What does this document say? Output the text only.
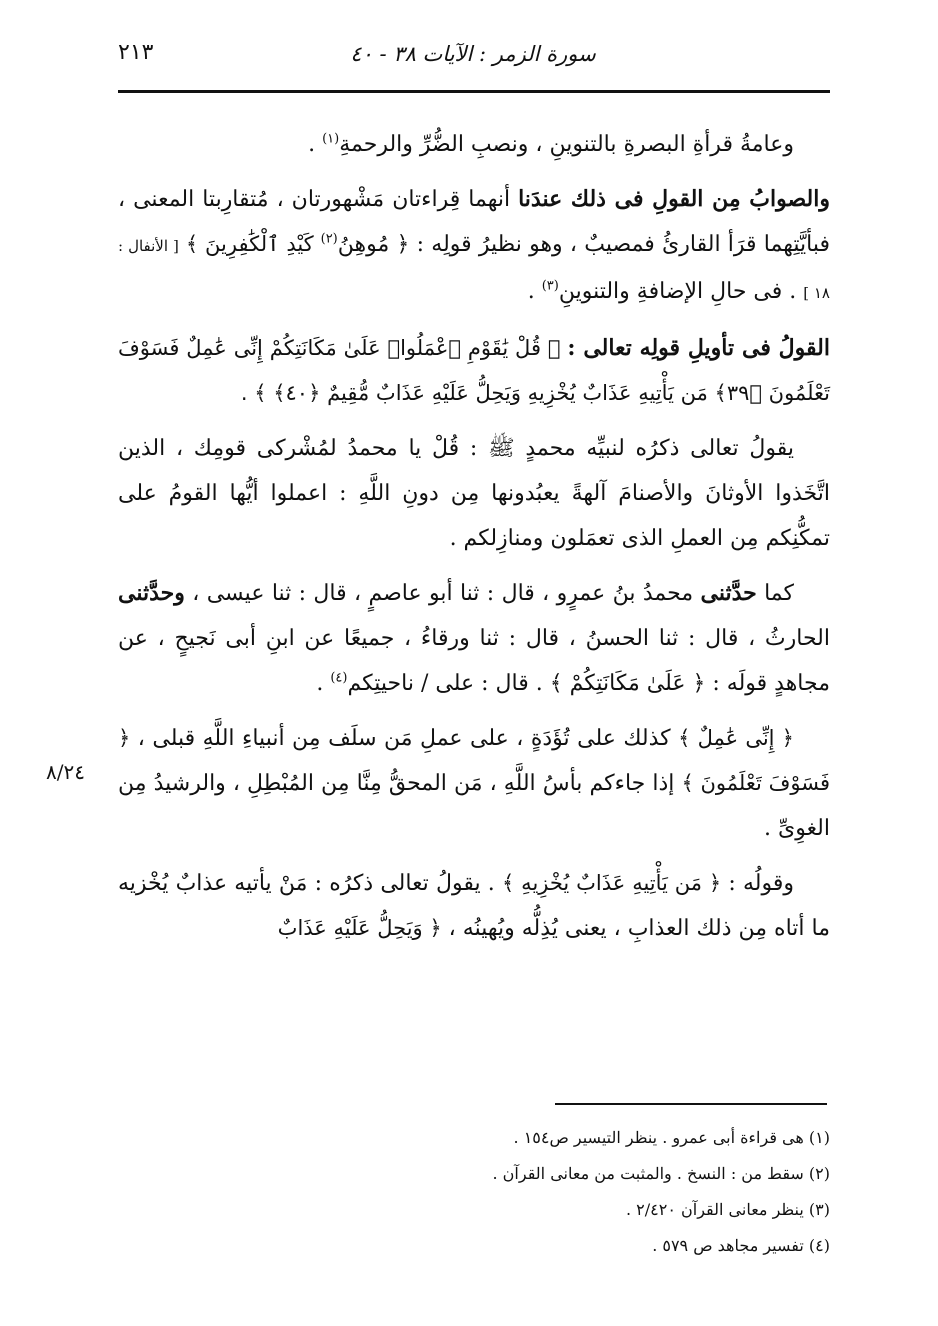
٢١٣	سورة الزمر : الآيات ٣٨ - ٤٠
٨/٢٤

وعامةُ قرأةِ البصرةِ بالتنوينِ ، ونصبِ الضُّرِّ والرحمةِ$^{(١)}$ .

والصوابُ مِن القولِ فى ذلك عندَنا أنهما قِراءتان مَشْهورتان ، مُتقارِبتا المعنى ، فبأيَّتِهما قرَأ القارئُ فمصيبٌ ، وهو نظيرُ قولِه : ﴿ مُوهِنُ$^{(٢)}$ كَيْدِ ٱلْكَٰفِرِينَ ﴾ [ الأنفال : ١٨ ] . فى حالِ الإضافةِ والتنوينِ$^{(٣)}$ .

القولُ فى تأويلِ قولِه تعالى : ﴿ قُلْ يَٰقَوْمِ ٱعْمَلُوا۟ عَلَىٰ مَكَانَتِكُمْ إِنِّى عَٰمِلٌ فَسَوْفَ تَعْلَمُونَ ﴿٣٩﴾ مَن يَأْتِيهِ عَذَابٌ يُخْزِيهِ وَيَحِلُّ عَلَيْهِ عَذَابٌ مُّقِيمٌ ﴿٤٠﴾ ﴾ .

يقولُ تعالى ذكرُه لنبيِّه محمدٍ ﷺ : قُلْ يا محمدُ لمُشْركى قومِك ، الذين اتَّخَذوا الأوثانَ والأصنامَ آلهةً يعبُدونها مِن دونِ اللَّهِ : اعملوا أيُّها القومُ على تمكُّنِكم مِن العملِ الذى تعمَلون ومنازِلكم .

كما حدَّثنى محمدُ بنُ عمرٍو ، قال : ثنا أبو عاصمٍ ، قال : ثنا عيسى ، وحدَّثنى الحارثُ ، قال : ثنا الحسنُ ، قال : ثنا ورقاءُ ، جميعًا عن ابنِ أبى نَجيحٍ ، عن مجاهدٍ قولَه : ﴿ عَلَىٰ مَكَانَتِكُمْ ﴾ . قال : على / ناحيتِكم$^{(٤)}$ .

﴿ إِنِّى عَٰمِلٌ ﴾ كذلك على تُؤَدَةٍ ، على عملِ مَن سلَف مِن أنبياءِ اللَّهِ قبلى ، ﴿ فَسَوْفَ تَعْلَمُونَ ﴾ إذا جاءكم بأسُ اللَّهِ ، مَن المحقُّ مِنَّا مِن المُبْطِلِ ، والرشيدُ مِن الغوِىِّ .

وقولُه : ﴿ مَن يَأْتِيهِ عَذَابٌ يُخْزِيهِ ﴾ . يقولُ تعالى ذكرُه : مَنْ يأتيه عذابٌ يُخْزيه ما أتاه مِن ذلك العذابِ ، يعنى يُذِلُّه ويُهينُه ، ﴿ وَيَحِلُّ عَلَيْهِ عَذَابٌ

(١) هى قراءة أبى عمرو . ينظر التيسير ص١٥٤ .

(٢) سقط من : النسخ . والمثبت من معانى القرآن .

(٣) ينظر معانى القرآن ٢/٤٢٠ .

(٤) تفسير مجاهد ص ٥٧٩ .
